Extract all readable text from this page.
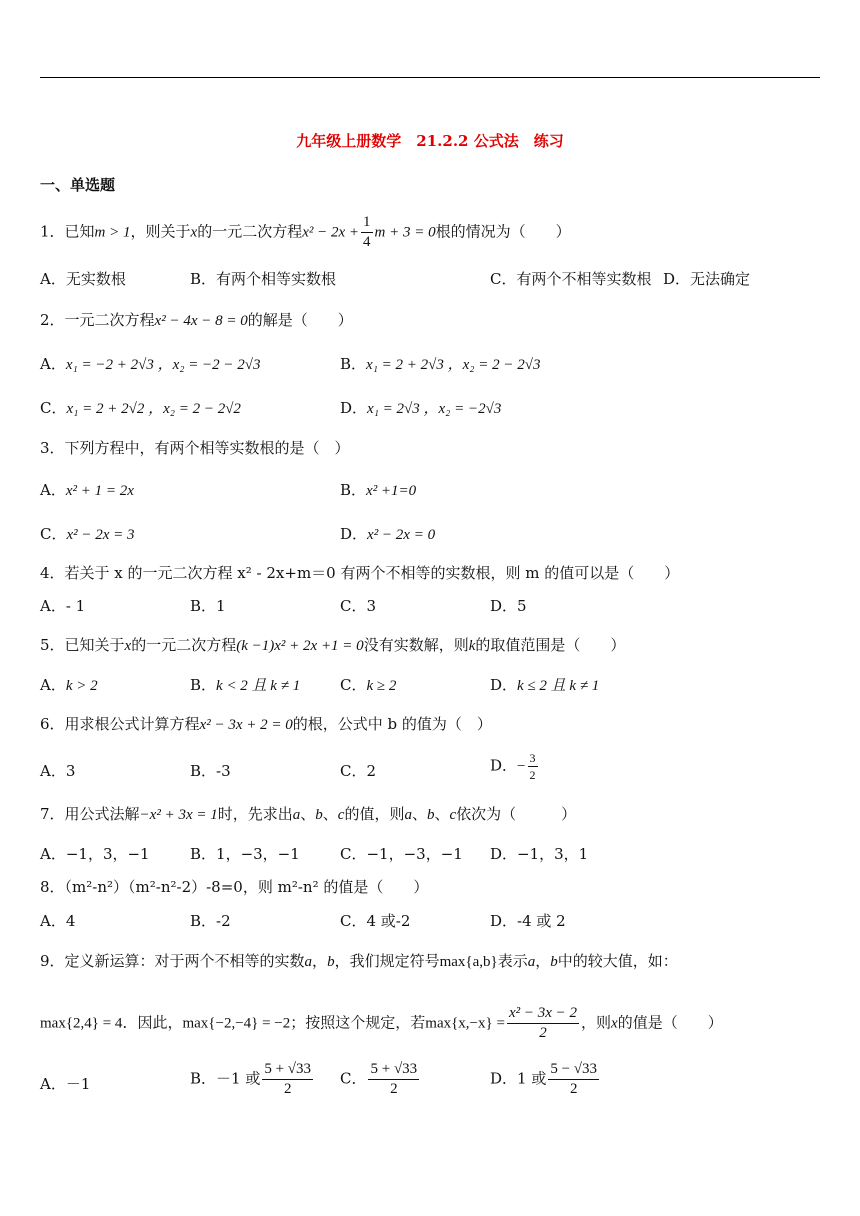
九年级上册数学　21.2.2 公式法　练习
一、单选题
1．已知m > 1，则关于x的一元二次方程$x^2 - 2x + \frac{1}{4}$ m + 3 = 0根的情况为（　　）
A．无实数根	B．有两个相等实数根	C．有两个不相等实数根 D．无法确定
2．一元二次方程x² − 4x − 8 = 0的解是（　　）
A．x₁ = −2 + 2√3 ，x₂ = −2 − 2√3	B．x₁ = 2 + 2√3 ，x₂ = 2 − 2√3
C．x₁ = 2 + 2√2 ，x₂ = 2 − 2√2	D．x₁ = 2√3 ，x₂ = −2√3
3．下列方程中，有两个相等实数根的是（　）
A．x² + 1 = 2x	B．x² +1=0
C．x² − 2x = 3	D．x² − 2x = 0
4．若关于 x 的一元二次方程 x² - 2x+m＝0 有两个不相等的实数根，则 m 的值可以是（　　）
A．- 1	B．1	C．3	D．5
5．已知关于x的一元二次方程(k −1)x² + 2x +1 = 0没有实数解，则k的取值范围是（　　）
A．k > 2	B．k < 2 且 k ≠ 1	C．k ≥ 2	D．k ≤ 2 且 k ≠ 1
6．用求根公式计算方程x² − 3x + 2 = 0的根，公式中 b 的值为（　）
A．3	B．-3	C．2	D．− $\frac{3}{2}$
7．用公式法解−x² + 3x = 1时，先求出a、b、c的值，则a、b、c依次为（　　　）
A．−1，3，−1	B．1，−3，−1	C．−1，−3，−1 D．−1，3，1
8．（m²-n²）（m²-n²-2）-8=0，则 m²-n² 的值是（　　）
A．4	B．-2	C．4 或-2	D．-4 或 2
9．定义新运算：对于两个不相等的实数a，b，我们规定符号max{a,b}表示a，b中的较大值，如：
max{2,4} = 4．因此，max{−2,−4} = −2；按照这个规定，若$\max\{x,-x\} = \frac{\text{x² − 3x − 2}}{2}$ ，则x的值是（　　）
A．－1	B．－1 或 $\frac{5 + √33}{2}$ C． $\frac{5 + √33}{2}$	D．1 或 $\frac{5 - √33}{2}$
